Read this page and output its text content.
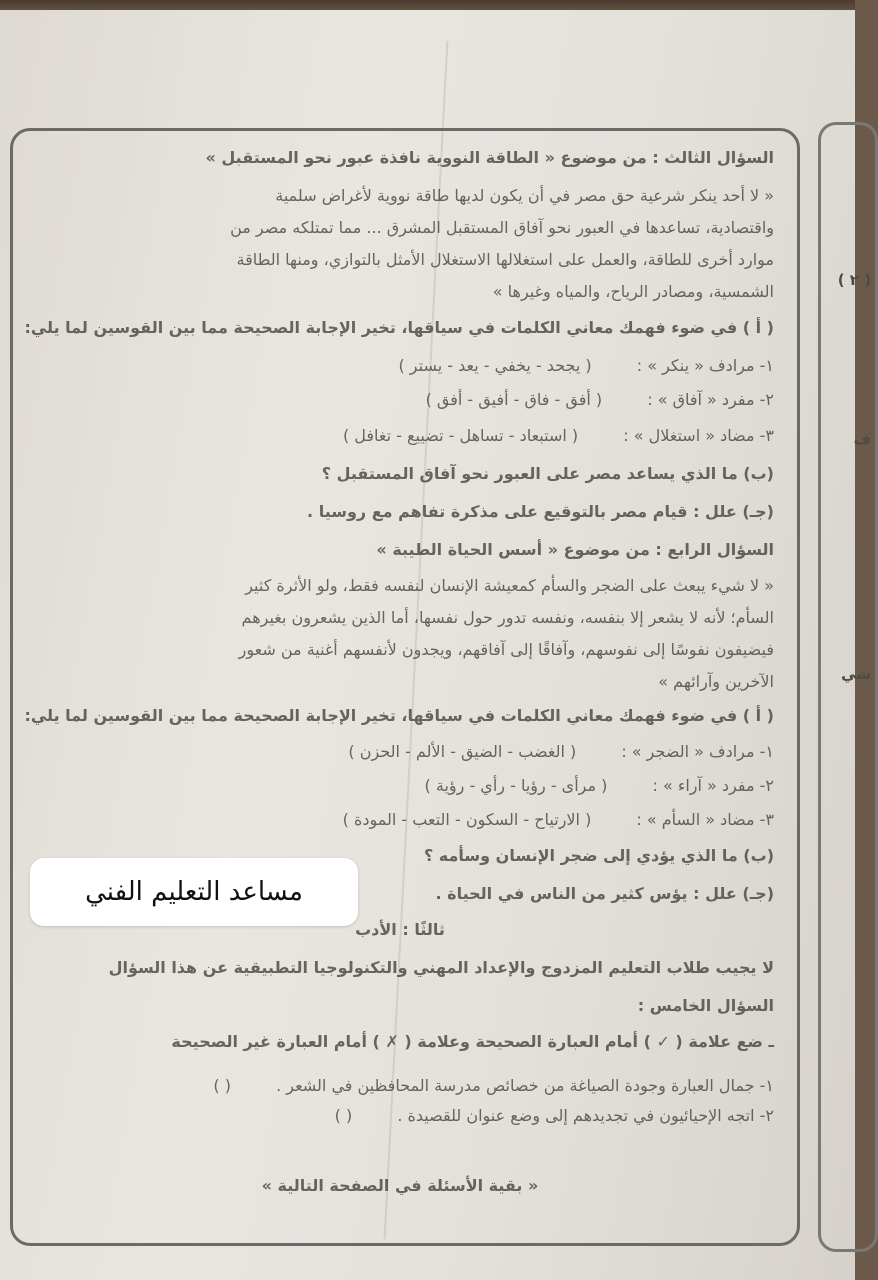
( ٢ )
ف
شي
السؤال الثالث : من موضوع « الطاقة النووية نافذة عبور نحو المستقبل »
« لا أحد ينكر شرعية حق مصر في أن يكون لديها طاقة نووية لأغراض سلمية
واقتصادية، تساعدها في العبور نحو آفاق المستقبل المشرق ... مما تمتلكه مصر من
موارد أخرى للطاقة، والعمل على استغلالها الاستغلال الأمثل بالتوازي، ومنها الطاقة
الشمسية، ومصادر الرياح، والمياه وغيرها »
( أ ) في ضوء فهمك معاني الكلمات في سياقها، تخير الإجابة الصحيحة مما بين القوسين لما يلي:
١- مرادف « ينكر » : ( يجحد - يخفي - يعد - يستر )
٢- مفرد « آفاق » : ( أفق - فاق - أفيق - أفق )
٣- مضاد « استغلال » : ( استبعاد - تساهل - تضييع - تغافل )
(ب) ما الذي يساعد مصر على العبور نحو آفاق المستقبل ؟
(جـ) علل : قيام مصر بالتوقيع على مذكرة تفاهم مع روسيا .
السؤال الرابع : من موضوع « أسس الحياة الطيبة »
« لا شيء يبعث على الضجر والسأم كمعيشة الإنسان لنفسه فقط، ولو الأثرة كثير
السأم؛ لأنه لا يشعر إلا بنفسه، ونفسه تدور حول نفسها، أما الذين يشعرون بغيرهم
فيضيفون نفوسًا إلى نفوسهم، وآفاقًا إلى آفاقهم، ويجدون لأنفسهم أغنية من شعور
الآخرين وآرائهم »
( أ ) في ضوء فهمك معاني الكلمات في سياقها، تخير الإجابة الصحيحة مما بين القوسين لما يلي:
١- مرادف « الضجر » : ( الغضب - الضيق - الألم - الحزن )
٢- مفرد « آراء » : ( مرأى - رؤيا - رأي - رؤية )
٣- مضاد « السأم » : ( الارتياح - السكون - التعب - المودة )
(ب) ما الذي يؤدي إلى ضجر الإنسان وسأمه ؟
(جـ) علل : يؤس كثير من الناس في الحياة .
ثالثًا : الأدب
لا يجيب طلاب التعليم المزدوج والإعداد المهني والتكنولوجيا التطبيقية عن هذا السؤال
السؤال الخامس :
ـ ضع علامة ( ✓ ) أمام العبارة الصحيحة وعلامة ( ✗ ) أمام العبارة غير الصحيحة
١- جمال العبارة وجودة الصياغة من خصائص مدرسة المحافظين في الشعر . ( )
٢- اتجه الإحيائيون في تجديدهم إلى وضع عنوان للقصيدة . ( )
« بقية الأسئلة في الصفحة التالية »
مساعد التعليم الفني
